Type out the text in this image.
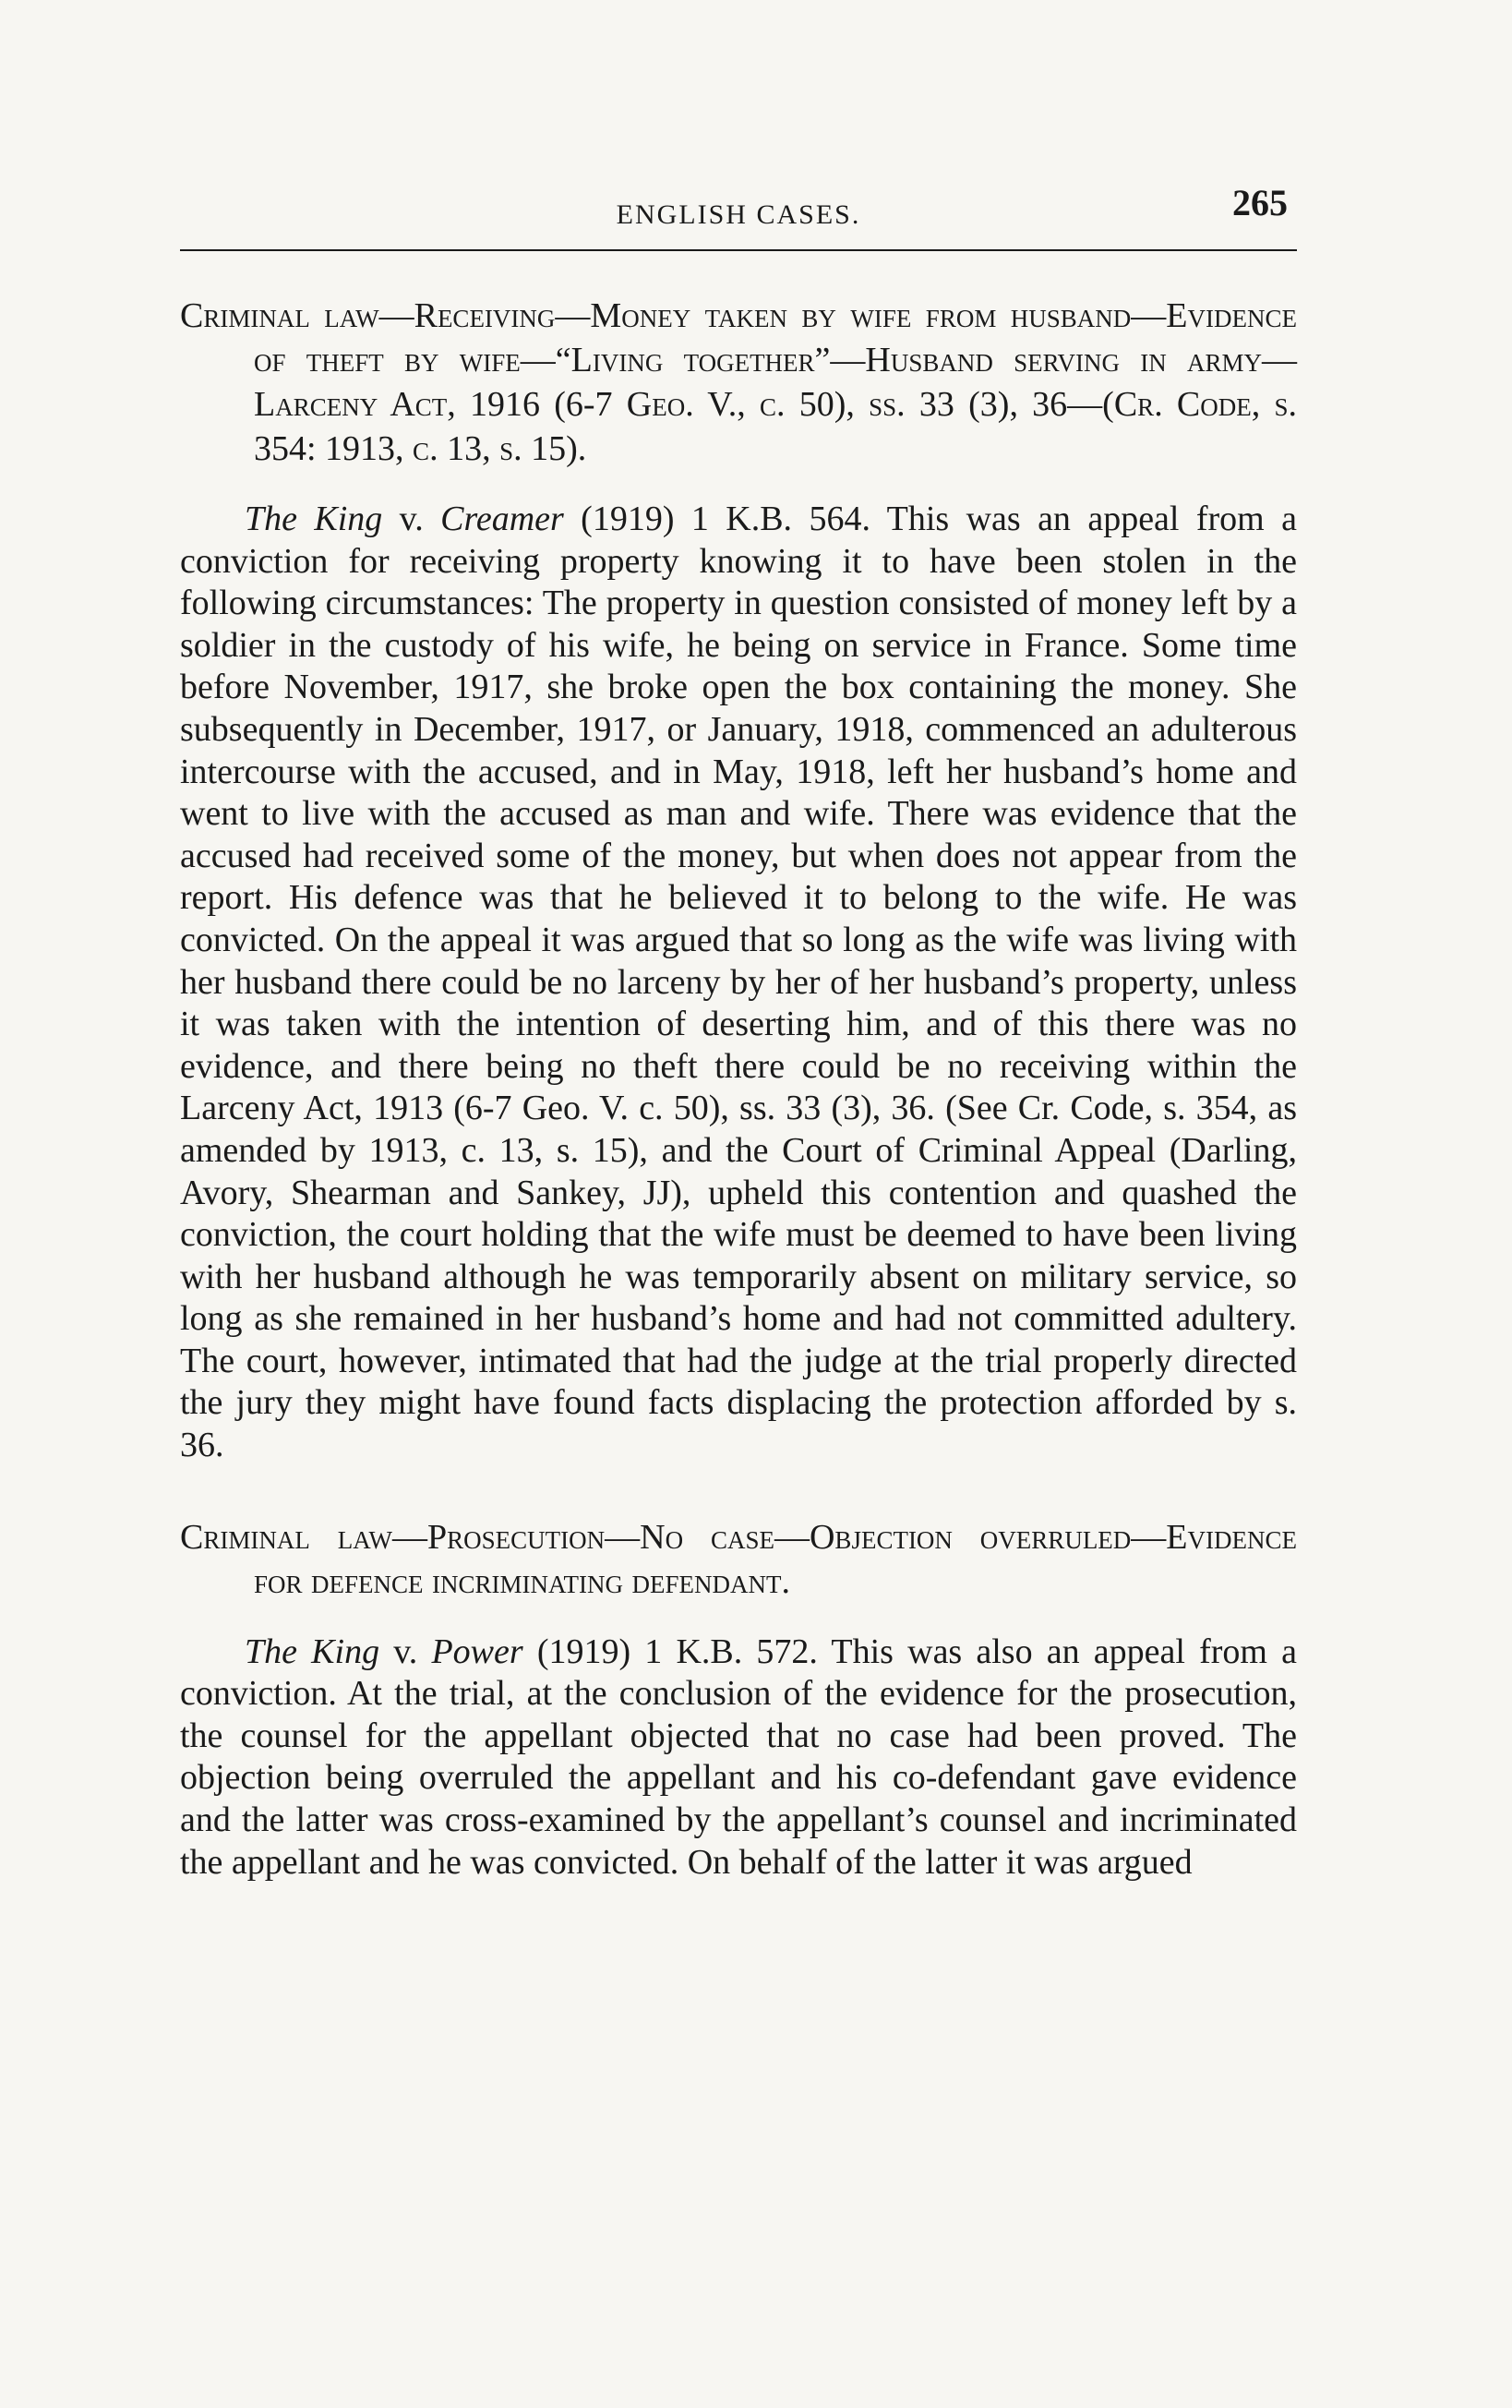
ENGLISH CASES.	265

Criminal law—Receiving—Money taken by wife from husband—Evidence of theft by wife—“Living together”—Husband serving in army—Larceny Act, 1916 (6-7 Geo. V., c. 50), ss. 33 (3), 36—(Cr. Code, s. 354: 1913, c. 13, s. 15).

The King v. Creamer (1919) 1 K.B. 564. This was an appeal from a conviction for receiving property knowing it to have been stolen in the following circumstances: The property in question consisted of money left by a soldier in the custody of his wife, he being on service in France. Some time before November, 1917, she broke open the box containing the money. She subsequently in December, 1917, or January, 1918, commenced an adulterous intercourse with the accused, and in May, 1918, left her husband’s home and went to live with the accused as man and wife. There was evidence that the accused had received some of the money, but when does not appear from the report. His defence was that he believed it to belong to the wife. He was convicted. On the appeal it was argued that so long as the wife was living with her husband there could be no larceny by her of her husband’s property, unless it was taken with the intention of deserting him, and of this there was no evidence, and there being no theft there could be no receiving within the Larceny Act, 1913 (6-7 Geo. V. c. 50), ss. 33 (3), 36. (See Cr. Code, s. 354, as amended by 1913, c. 13, s. 15), and the Court of Criminal Appeal (Darling, Avory, Shearman and Sankey, JJ), upheld this contention and quashed the conviction, the court holding that the wife must be deemed to have been living with her husband although he was temporarily absent on military service, so long as she remained in her husband’s home and had not committed adultery. The court, however, intimated that had the judge at the trial properly directed the jury they might have found facts displacing the protection afforded by s. 36.

Criminal law—Prosecution—No case—Objection overruled—Evidence for defence incriminating defendant.

The King v. Power (1919) 1 K.B. 572. This was also an appeal from a conviction. At the trial, at the conclusion of the evidence for the prosecution, the counsel for the appellant objected that no case had been proved. The objection being overruled the appellant and his co-defendant gave evidence and the latter was cross-examined by the appellant’s counsel and incriminated the appellant and he was convicted. On behalf of the latter it was argued
